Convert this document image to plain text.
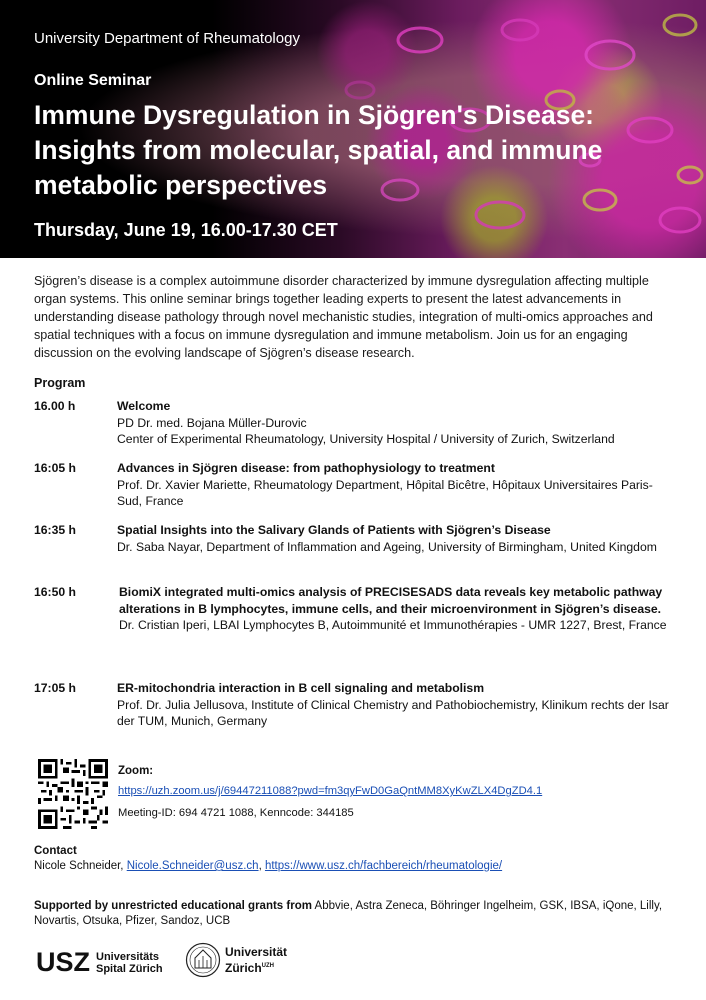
University Department of Rheumatology
Online Seminar
Immune Dysregulation in Sjögren's Disease: Insights from molecular, spatial, and immune metabolic perspectives
Thursday, June 19, 16.00-17.30 CET
Sjögren’s disease is a complex autoimmune disorder characterized by immune dysregulation affecting multiple organ systems. This online seminar brings together leading experts to present the latest advancements in understanding disease pathology through novel mechanistic studies, integration of multi-omics approaches and spatial techniques with a focus on immune dysregulation and immune metabolism. Join us for an engaging discussion on the evolving landscape of Sjögren’s disease research.
Program
16.00 h	Welcome
PD Dr. med. Bojana Müller-Durovic
Center of Experimental Rheumatology, University Hospital / University of Zurich, Switzerland
16:05 h	Advances in Sjögren disease: from pathophysiology to treatment
Prof. Dr. Xavier Mariette, Rheumatology Department, Hôpital Bicêtre, Hôpitaux Universitaires Paris-Sud, France
16:35 h	Spatial Insights into the Salivary Glands of Patients with Sjögren’s Disease
Dr. Saba Nayar, Department of Inflammation and Ageing, University of Birmingham, United Kingdom
16:50 h	BiomiX integrated multi-omics analysis of PRECISESADS data reveals key metabolic pathway alterations in B lymphocytes, immune cells, and their microenvironment in Sjögren’s disease.
Dr. Cristian Iperi, LBAI Lymphocytes B, Autoimmunité et Immunothérapies - UMR 1227, Brest, France
17:05 h	ER-mitochondria interaction in B cell signaling and metabolism
Prof. Dr. Julia Jellusova, Institute of Clinical Chemistry and Pathobiochemistry, Klinikum rechts der Isar der TUM, Munich, Germany
Zoom:
https://uzh.zoom.us/j/69447211088?pwd=fm3qyFwD0GaQntMM8XyKwZLX4DgZD4.1
Meeting-ID: 694 4721 1088, Kenncode: 344185
Contact
Nicole Schneider, Nicole.Schneider@usz.ch, https://www.usz.ch/fachbereich/rheumatologie/
Supported by unrestricted educational grants from Abbvie, Astra Zeneca, Böhringer Ingelheim, GSK, IBSA, iQone, Lilly, Novartis, Otsuka, Pfizer, Sandoz, UCB
USZ Universitäts
Spital Zürich
Universität
Zürich$^{UZH}$
